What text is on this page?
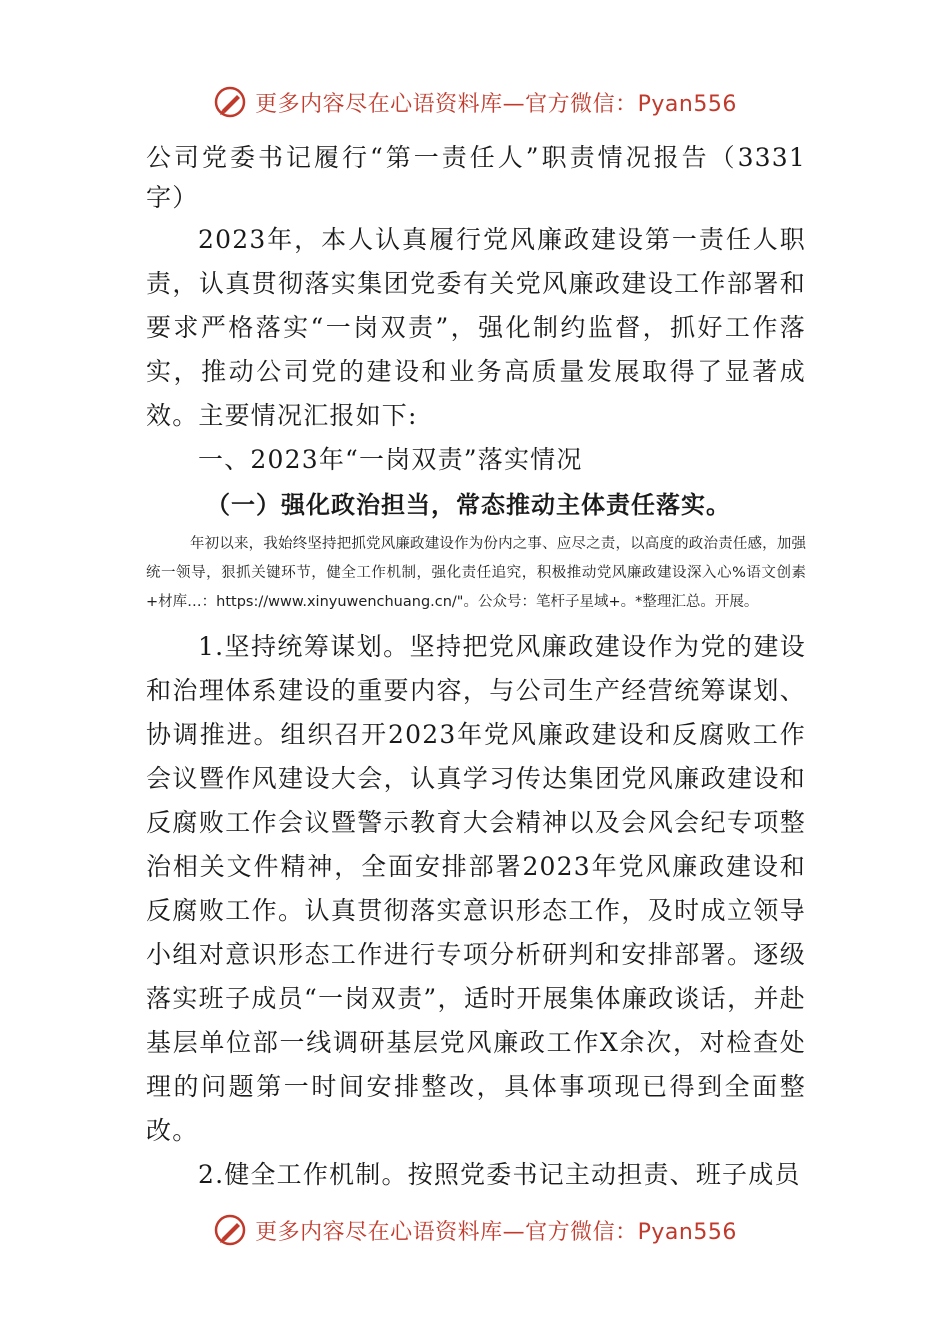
更多内容尽在心语资料库—官方微信：Pyan556

公司党委书记履行“第一责任人”职责情况报告（3331字）

2023年，本人认真履行党风廉政建设第一责任人职责，认真贯彻落实集团党委有关党风廉政建设工作部署和要求严格落实“一岗双责”，强化制约监督，抓好工作落实，推动公司党的建设和业务高质量发展取得了显著成效。主要情况汇报如下:

一、2023年“一岗双责”落实情况

（一）强化政治担当，常态推动主体责任落实。

年初以来，我始终坚持把抓党风廉政建设作为份内之事、应尽之责，以高度的政治责任感，加强统一领导，狠抓关键环节，健全工作机制，强化责任追究，积极推动党风廉政建设深入心%语文创素+材库…：https://www.xinyuwenchuang.cn/"。公众号：笔杆子星域+。*整理汇总。开展。

1.坚持统筹谋划。坚持把党风廉政建设作为党的建设和治理体系建设的重要内容，与公司生产经营统筹谋划、协调推进。组织召开2023年党风廉政建设和反腐败工作会议暨作风建设大会，认真学习传达集团党风廉政建设和反腐败工作会议暨警示教育大会精神以及会风会纪专项整治相关文件精神，全面安排部署2023年党风廉政建设和反腐败工作。认真贯彻落实意识形态工作，及时成立领导小组对意识形态工作进行专项分析研判和安排部署。逐级落实班子成员“一岗双责”，适时开展集体廉政谈话，并赴基层单位部一线调研基层党风廉政工作X余次，对检查处理的问题第一时间安排整改，具体事项现已得到全面整改。

2.健全工作机制。按照党委书记主动担责、班子成员

更多内容尽在心语资料库—官方微信：Pyan556
